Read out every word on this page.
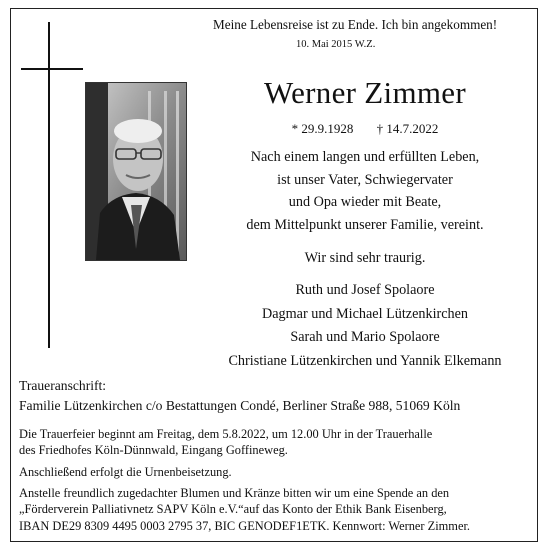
Meine Lebensreise ist zu Ende. Ich bin angekommen!
10. Mai 2015 W.Z.
Werner Zimmer
* 29.9.1928 † 14.7.2022
Nach einem langen und erfüllten Leben,
ist unser Vater, Schwiegervater
und Opa wieder mit Beate,
dem Mittelpunkt unserer Familie, vereint.
Wir sind sehr traurig.
Ruth und Josef Spolaore
Dagmar und Michael Lützenkirchen
Sarah und Mario Spolaore
Christiane Lützenkirchen und Yannik Elkemann
Traueranschrift:
Familie Lützenkirchen c/o Bestattungen Condé, Berliner Straße 988, 51069 Köln
Die Trauerfeier beginnt am Freitag, dem 5.8.2022, um 12.00 Uhr in der Trauerhalle
des Friedhofes Köln-Dünnwald, Eingang Goffineweg.
Anschließend erfolgt die Urnenbeisetzung.
Anstelle freundlich zugedachter Blumen und Kränze bitten wir um eine Spende an den
„Förderverein Palliativnetz SAPV Köln e.V.“auf das Konto der Ethik Bank Eisenberg,
IBAN DE29 8309 4495 0003 2795 37, BIC GENODEF1ETK. Kennwort: Werner Zimmer.
